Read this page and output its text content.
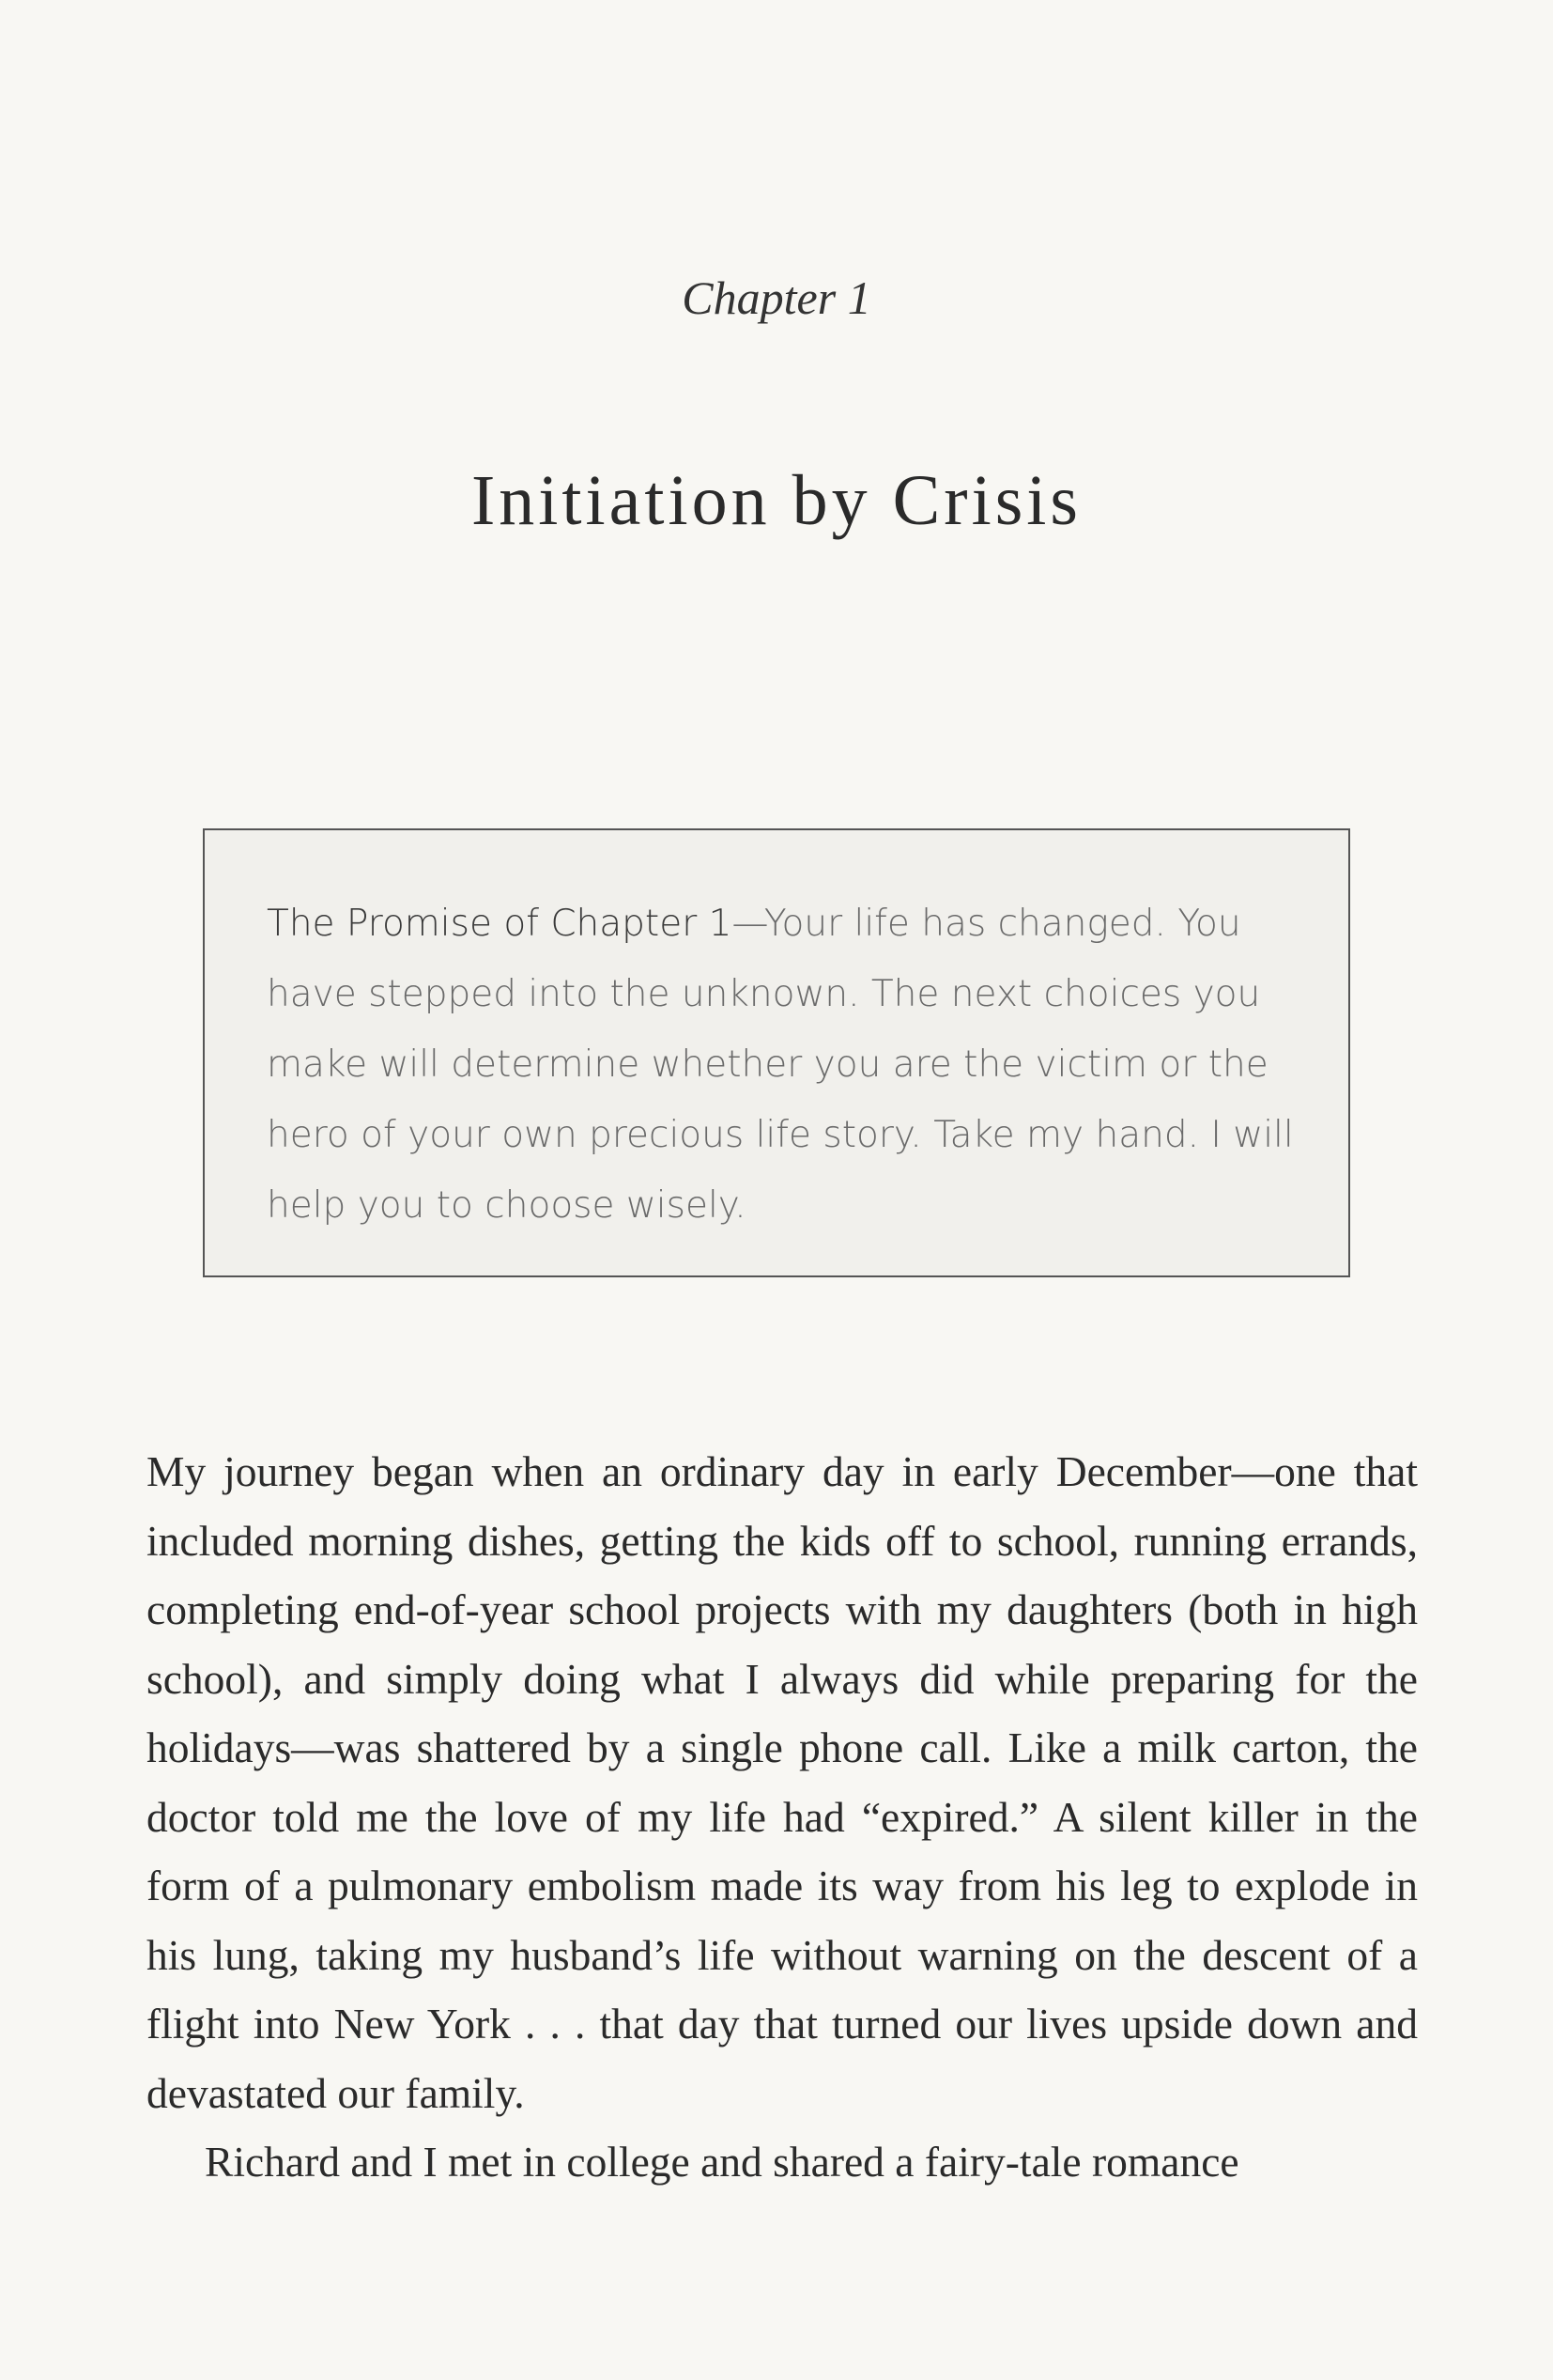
Chapter 1
Initiation by Crisis
The Promise of Chapter 1—Your life has changed. You have stepped into the unknown. The next choices you make will determine whether you are the victim or the hero of your own precious life story. Take my hand. I will help you to choose wisely.

My journey began when an ordinary day in early December—one that included morning dishes, getting the kids off to school, running errands, completing end-of-year school projects with my daughters (both in high school), and simply doing what I always did while preparing for the holidays—was shattered by a single phone call. Like a milk carton, the doctor told me the love of my life had “expired.” A silent killer in the form of a pulmonary embolism made its way from his leg to explode in his lung, taking my husband’s life without warning on the descent of a flight into New York . . . that day that turned our lives upside down and devastated our family.

Richard and I met in college and shared a fairy-tale romance
